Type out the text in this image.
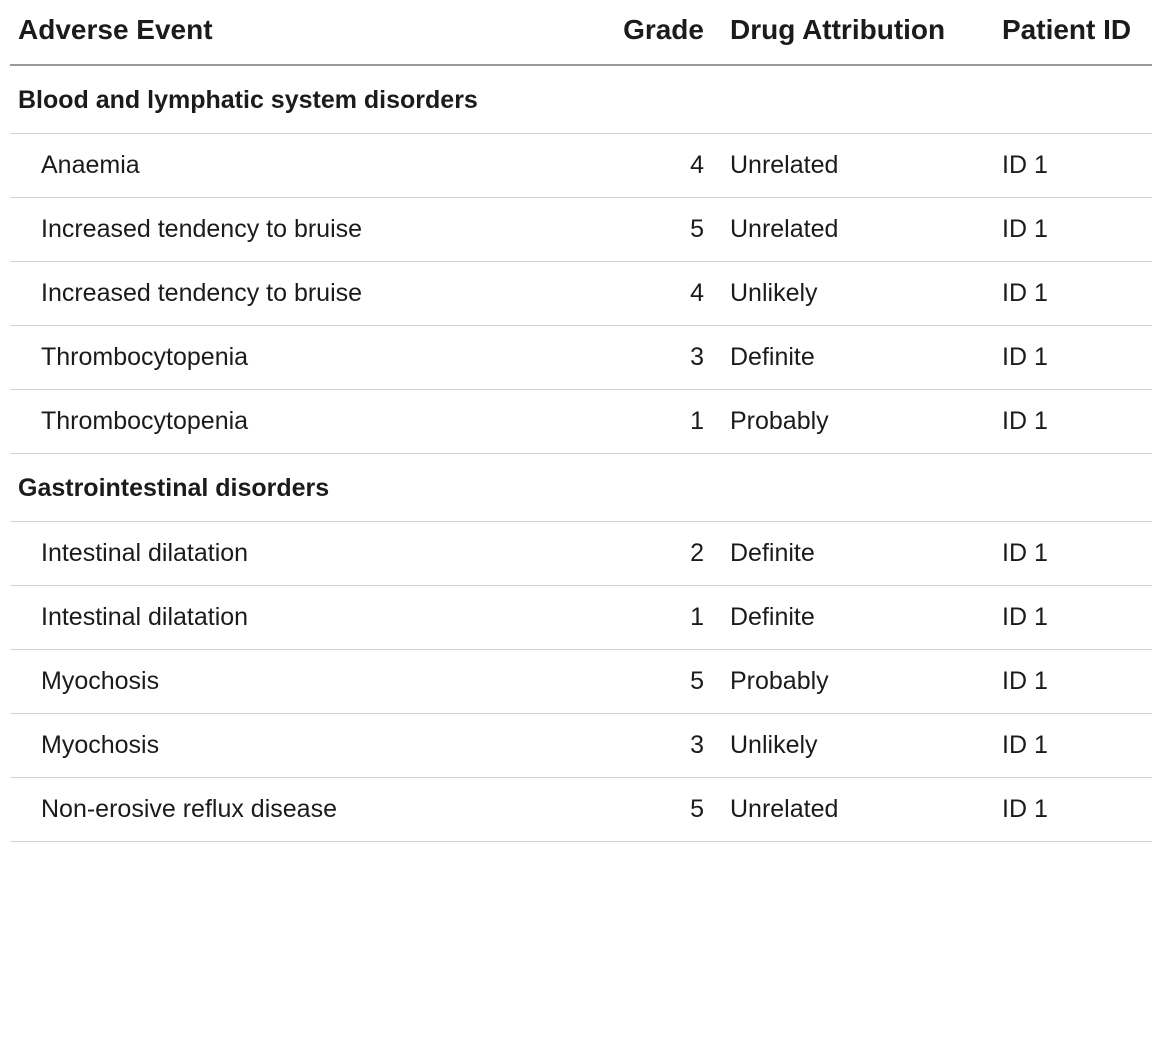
Adverse Event	Grade	Drug Attribution	Patient ID
Blood and lymphatic system disorders			
Anaemia	4	Unrelated	ID 1
Increased tendency to bruise	5	Unrelated	ID 1
Increased tendency to bruise	4	Unlikely	ID 1
Thrombocytopenia	3	Definite	ID 1
Thrombocytopenia	1	Probably	ID 1
Gastrointestinal disorders			
Intestinal dilatation	2	Definite	ID 1
Intestinal dilatation	1	Definite	ID 1
Myochosis	5	Probably	ID 1
Myochosis	3	Unlikely	ID 1
Non-erosive reflux disease	5	Unrelated	ID 1
